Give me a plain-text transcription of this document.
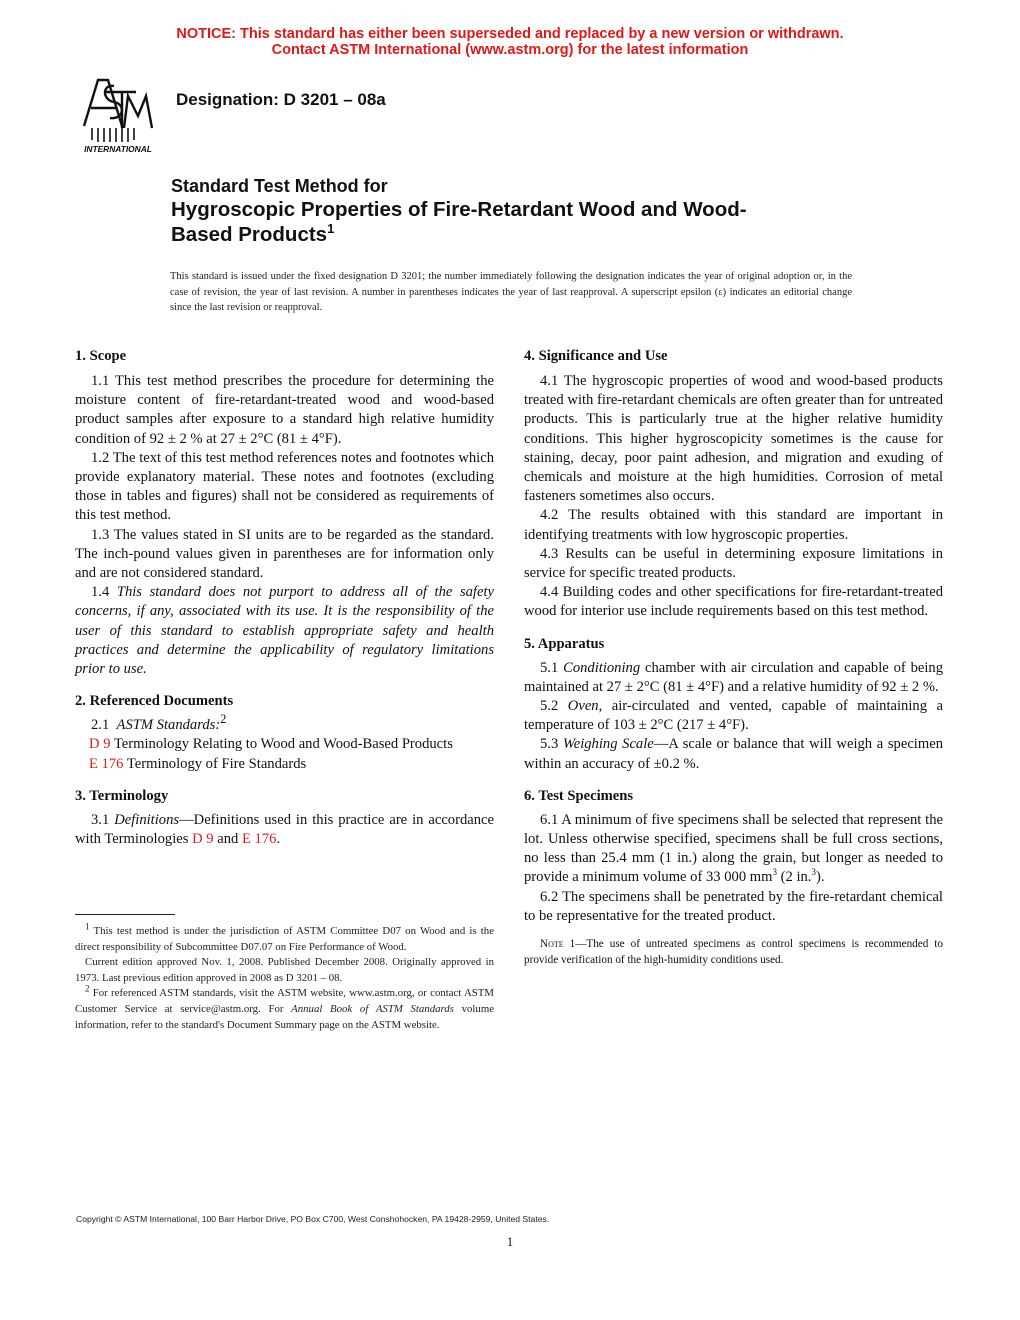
NOTICE: This standard has either been superseded and replaced by a new version or withdrawn.
Contact ASTM International (www.astm.org) for the latest information
INTERNATIONAL
Designation: D 3201 – 08a
Standard Test Method for
Hygroscopic Properties of Fire-Retardant Wood and Wood-
Based Products$^1$
This standard is issued under the fixed designation D 3201; the number immediately following the designation indicates the year of original adoption or, in the case of revision, the year of last revision. A number in parentheses indicates the year of last reapproval. A superscript epsilon (ε) indicates an editorial change since the last revision or reapproval.
1. Scope

1.1 This test method prescribes the procedure for determining the moisture content of fire-retardant-treated wood and wood-based product samples after exposure to a standard high relative humidity condition of 92 ± 2 % at 27 ± 2°C (81 ± 4°F).

1.2 The text of this test method references notes and footnotes which provide explanatory material. These notes and footnotes (excluding those in tables and figures) shall not be considered as requirements of this test method.

1.3 The values stated in SI units are to be regarded as the standard. The inch-pound values given in parentheses are for information only and are not considered standard.

1.4 This standard does not purport to address all of the safety concerns, if any, associated with its use. It is the responsibility of the user of this standard to establish appropriate safety and health practices and determine the applicability of regulatory limitations prior to use.

2. Referenced Documents

2.1 ASTM Standards:$^2$

D 9 Terminology Relating to Wood and Wood-Based Products
E 176 Terminology of Fire Standards
3. Terminology

3.1 Definitions—Definitions used in this practice are in accordance with Terminologies D 9 and E 176.

$^1$ This test method is under the jurisdiction of ASTM Committee D07 on Wood and is the direct responsibility of Subcommittee D07.07 on Fire Performance of Wood.

Current edition approved Nov. 1, 2008. Published December 2008. Originally approved in 1973. Last previous edition approved in 2008 as D 3201 – 08.

$^2$ For referenced ASTM standards, visit the ASTM website, www.astm.org, or contact ASTM Customer Service at service@astm.org. For Annual Book of ASTM Standards volume information, refer to the standard's Document Summary page on the ASTM website.

4. Significance and Use

4.1 The hygroscopic properties of wood and wood-based products treated with fire-retardant chemicals are often greater than for untreated products. This is particularly true at the higher relative humidity conditions. This higher hygroscopicity sometimes is the cause for staining, decay, poor paint adhesion, and migration and exuding of chemicals and moisture at the high humidities. Corrosion of metal fasteners sometimes also occurs.

4.2 The results obtained with this standard are important in identifying treatments with low hygroscopic properties.

4.3 Results can be useful in determining exposure limitations in service for specific treated products.

4.4 Building codes and other specifications for fire-retardant-treated wood for interior use include requirements based on this test method.

5. Apparatus

5.1 Conditioning chamber with air circulation and capable of being maintained at 27 ± 2°C (81 ± 4°F) and a relative humidity of 92 ± 2 %.

5.2 Oven, air-circulated and vented, capable of maintaining a temperature of 103 ± 2°C (217 ± 4°F).

5.3 Weighing Scale—A scale or balance that will weigh a specimen within an accuracy of ±0.2 %.

6. Test Specimens

6.1 A minimum of five specimens shall be selected that represent the lot. Unless otherwise specified, specimens shall be full cross sections, no less than 25.4 mm (1 in.) along the grain, but longer as needed to provide a minimum volume of 33 000 $mm^3$ (2 in.$^3$).

6.2 The specimens shall be penetrated by the fire-retardant chemical to be representative for the treated product.

Note 1—The use of untreated specimens as control specimens is recommended to provide verification of the high-humidity conditions used.
Copyright © ASTM International, 100 Barr Harbor Drive, PO Box C700, West Conshohocken, PA 19428-2959, United States.
1
